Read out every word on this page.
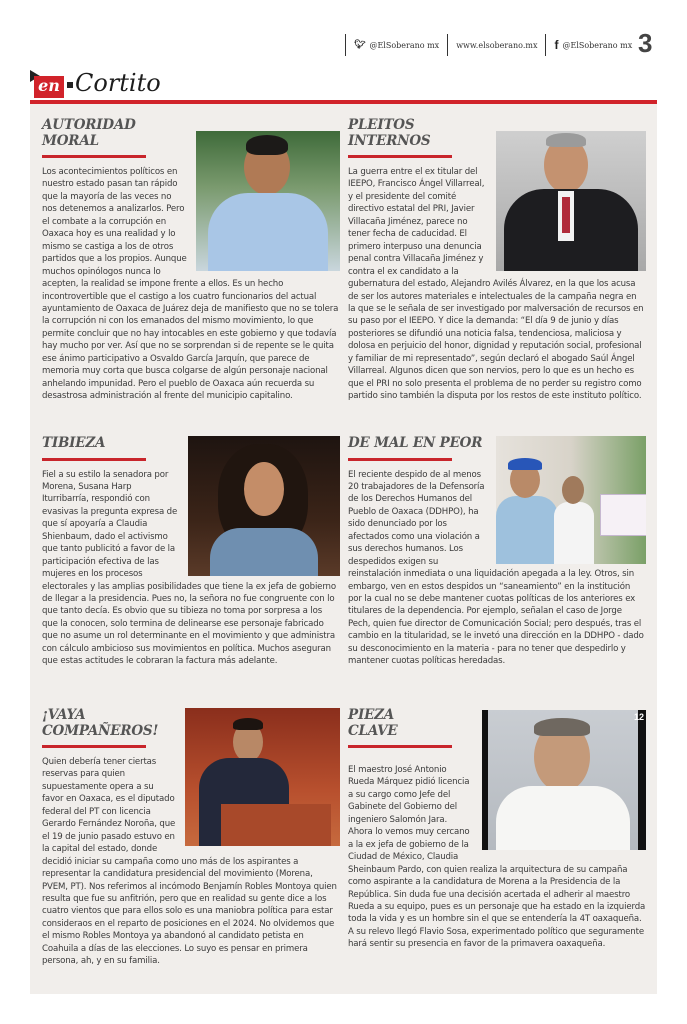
🐦︎ @ElSoberano mx www.elsoberano.mx f @ElSoberano mx 3
en Cortito
AUTORIDAD
MORAL

Los acontecimientos políticos en nuestro estado pasan tan rápido que la mayoría de las veces no nos detenemos a analizarlos. Pero el combate a la corrupción en Oaxaca hoy es una realidad y lo mismo se castiga a los de otros partidos que a los propios. Aunque muchos opinólogos nunca lo acepten, la realidad se impone frente a ellos. Es un hecho incontrovertible que el castigo a los cuatro funcionarios del actual ayuntamiento de Oaxaca de Juárez deja de manifiesto que no se tolera la corrupción ni con los emanados del mismo movimiento, lo que permite concluir que no hay intocables en este gobierno y que todavía hay mucho por ver. Así que no se sorprendan si de repente se le quita ese ánimo participativo a Osvaldo García Jarquín, que parece de memoria muy corta que busca colgarse de algún personaje nacional anhelando impunidad. Pero el pueblo de Oaxaca aún recuerda su desastrosa administración al frente del municipio capitalino.

PLEITOS
INTERNOS

La guerra entre el ex titular del IEEPO, Francisco Ángel Villarreal, y el presidente del comité directivo estatal del PRI, Javier Villacaña Jiménez, parece no tener fecha de caducidad. El primero interpuso una denuncia penal contra Villacaña Jiménez y contra el ex candidato a la gubernatura del estado, Alejandro Avilés Álvarez, en la que los acusa de ser los autores materiales e intelectuales de la campaña negra en la que se le señala de ser investigado por malversación de recursos en su paso por el IEEPO. Y dice la demanda: “El día 9 de junio y días posteriores se difundió una noticia falsa, tendenciosa, maliciosa y dolosa en perjuicio del honor, dignidad y reputación social, profesional y familiar de mi representado”, según declaró el abogado Saúl Ángel Villarreal. Algunos dicen que son nervios, pero lo que es un hecho es que el PRI no solo presenta el problema de no perder su registro como partido sino también la disputa por los restos de este instituto político.

TIBIEZA

Fiel a su estilo la senadora por Morena, Susana Harp Iturribarría, respondió con evasivas la pregunta expresa de que sí apoyaría a Claudia Shienbaum, dado el activismo que tanto publicitó a favor de la participación efectiva de las mujeres en los procesos electorales y las amplias posibilidades que tiene la ex jefa de gobierno de llegar a la presidencia. Pues no, la señora no fue congruente con lo que tanto decía. Es obvio que su tibieza no toma por sorpresa a los que la conocen, solo termina de delinearse ese personaje fabricado que no asume un rol determinante en el movimiento y que administra con cálculo ambicioso sus movimientos en política. Muchos aseguran que estas actitudes le cobraran la factura más adelante.

DE MAL EN PEOR

El reciente despido de al menos 20 trabajadores de la Defensoría de los Derechos Humanos del Pueblo de Oaxaca (DDHPO), ha sido denunciado por los afectados como una violación a sus derechos humanos. Los despedidos exigen su reinstalación inmediata o una liquidación apegada a la ley. Otros, sin embargo, ven en estos despidos un “saneamiento” en la institución por la cual no se debe mantener cuotas políticas de los anteriores ex titulares de la dependencia. Por ejemplo, señalan el caso de Jorge Pech, quien fue director de Comunicación Social; pero después, tras el cambio en la titularidad, se le invetó una dirección en la DDHPO - dado su desconocimiento en la materia - para no tener que despedirlo y mantener cuotas políticas heredadas.

¡VAYA
COMPAÑEROS!

Quien debería tener ciertas reservas para quien supuestamente opera a su favor en Oaxaca, es el diputado federal del PT con licencia Gerardo Fernández Noroña, que el 19 de junio pasado estuvo en la capital del estado, donde decidió iniciar su campaña como uno más de los aspirantes a representar la candidatura presidencial del movimiento (Morena, PVEM, PT). Nos referimos al incómodo Benjamín Robles Montoya quien resulta que fue su anfitrión, pero que en realidad su gente dice a los cuatro vientos que para ellos solo es una maniobra política para estar consideraos en el reparto de posiciones en el 2024. No olvidemos que el mismo Robles Montoya ya abandonó al candidato petista en Coahuila a días de las elecciones. Lo suyo es pensar en primera persona, ah, y en su familia.

12
PIEZA
CLAVE

El maestro José Antonio Rueda Márquez pidió licencia a su cargo como Jefe del Gabinete del Gobierno del ingeniero Salomón Jara. Ahora lo vemos muy cercano a la ex jefa de gobierno de la Ciudad de México, Claudia Sheinbaum Pardo, con quien realiza la arquitectura de su campaña como aspirante a la candidatura de Morena a la Presidencia de la República. Sin duda fue una decisión acertada el adherir al maestro Rueda a su equipo, pues es un personaje que ha estado en la izquierda toda la vida y es un hombre sin el que se entendería la 4T oaxaqueña. A su relevo llegó Flavio Sosa, experimentado político que seguramente hará sentir su presencia en favor de la primavera oaxaqueña.
